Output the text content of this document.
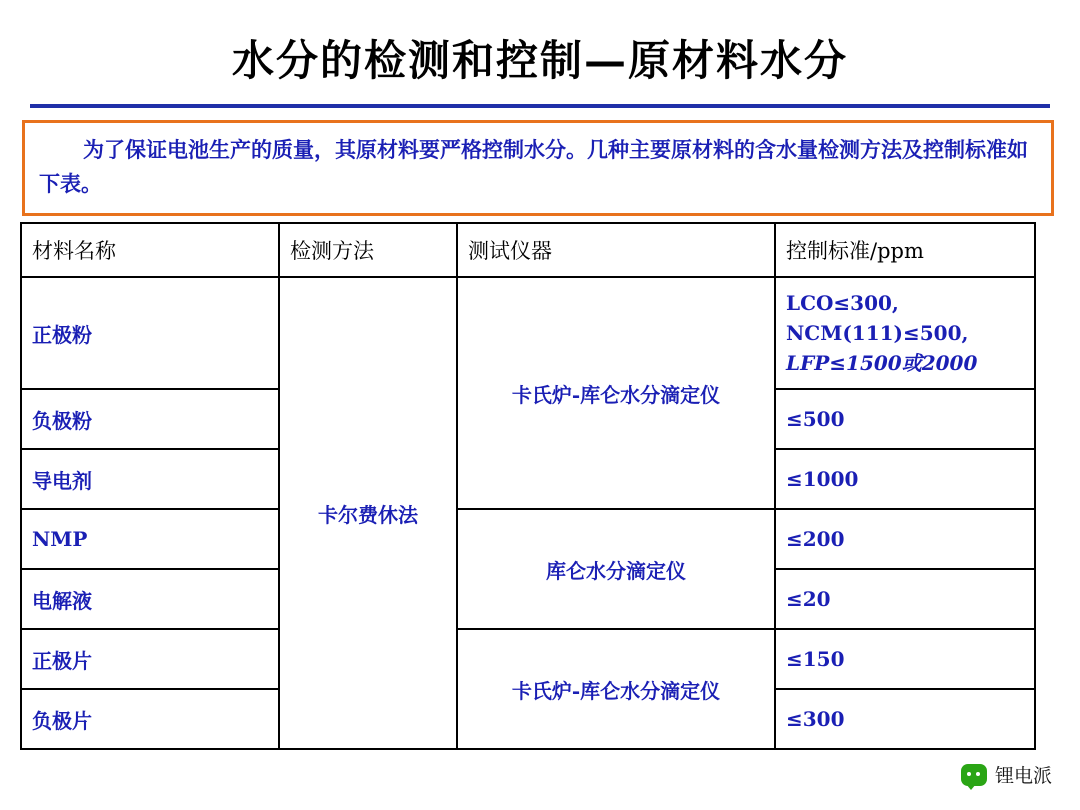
水分的检测和控制—原材料水分
为了保证电池生产的质量，其原材料要严格控制水分。几种主要原材料的含水量检测方法及控制标准如下表。
材料名称	检测方法	测试仪器	控制标准/ppm
正极粉	卡尔费休法	卡氏炉-库仑水分滴定仪	LCO≤300,
NCM(111)≤500,
LFP≤1500或2000

负极粉			≤500
导电剂			≤1000
NMP		库仑水分滴定仪	≤200
电解液			≤20
正极片		卡氏炉-库仑水分滴定仪	≤150
负极片			≤300
锂电派
